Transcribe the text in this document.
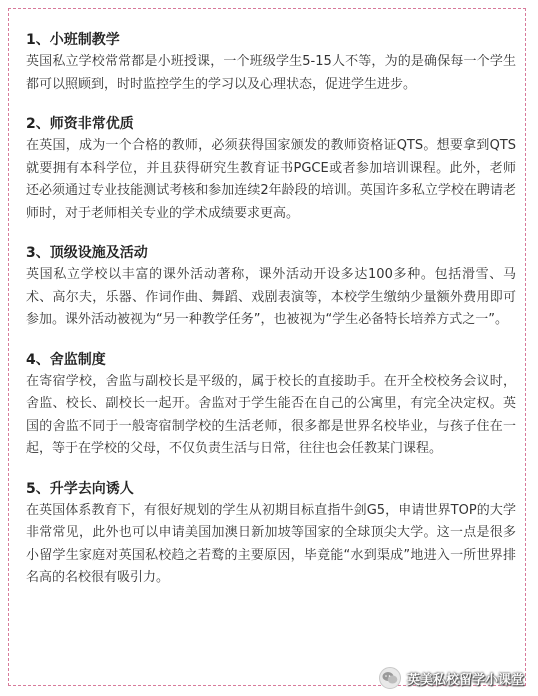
1、小班制教学

英国私立学校常常都是小班授课，一个班级学生5-15人不等，为的是确保每一个学生都可以照顾到，时时监控学生的学习以及心理状态，促进学生进步。

2、师资非常优质

在英国，成为一个合格的教师，必须获得国家颁发的教师资格证QTS。想要拿到QTS就要拥有本科学位，并且获得研究生教育证书PGCE或者参加培训课程。此外，老师还必须通过专业技能测试考核和参加连续2年龄段的培训。英国许多私立学校在聘请老师时，对于老师相关专业的学术成绩要求更高。

3、顶级设施及活动

英国私立学校以丰富的课外活动著称，课外活动开设多达100多种。包括滑雪、马术、高尔夫，乐器、作词作曲、舞蹈、戏剧表演等，本校学生缴纳少量额外费用即可参加。课外活动被视为“另一种教学任务”，也被视为“学生必备特长培养方式之一”。

4、舍监制度

在寄宿学校，舍监与副校长是平级的，属于校长的直接助手。在开全校校务会议时，舍监、校长、副校长一起开。舍监对于学生能否在自己的公寓里，有完全决定权。英国的舍监不同于一般寄宿制学校的生活老师，很多都是世界名校毕业，与孩子住在一起，等于在学校的父母，不仅负责生活与日常，往往也会任教某门课程。

5、升学去向诱人

在英国体系教育下，有很好规划的学生从初期目标直指牛剑G5，申请世界TOP的大学非常常见，此外也可以申请美国加澳日新加坡等国家的全球顶尖大学。这一点是很多小留学生家庭对英国私校趋之若鹜的主要原因，毕竟能“水到渠成”地进入一所世界排名高的名校很有吸引力。

英美私校留学小课堂
